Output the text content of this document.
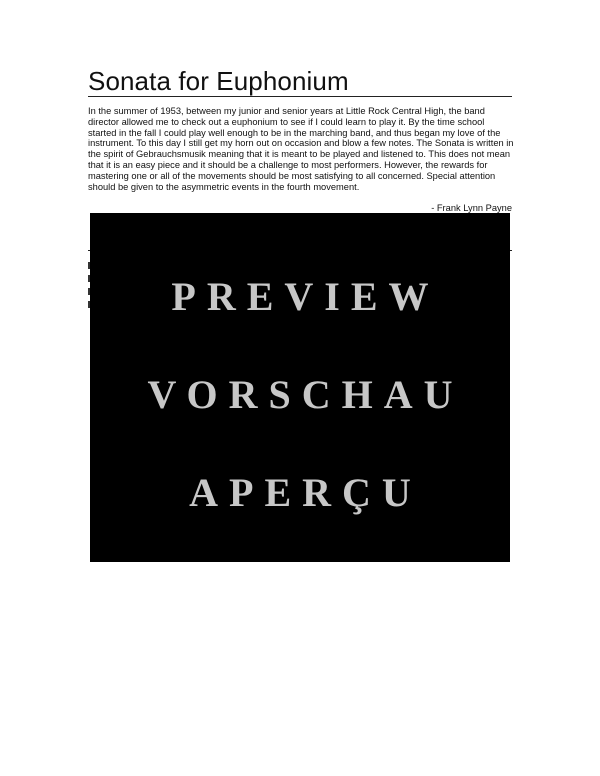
Sonata for Euphonium

In the summer of 1953, between my junior and senior years at Little Rock Central High, the band director allowed me to check out a euphonium to see if I could learn to play it. By the time school started in the fall I could play well enough to be in the marching band, and thus began my love of the instrument. To this day I still get my horn out on occasion and blow a few notes. The Sonata is written in the spirit of Gebrauchsmusik meaning that it is meant to be played and listened to. This does not mean that it is an easy piece and it should be a challenge to most performers. However, the rewards for mastering one or all of the movements should be most satisfying to all concerned. Special attention should be given to the asymmetric events in the fourth movement.

- Frank Lynn Payne
PREVIEW
VORSCHAU
APERÇU
